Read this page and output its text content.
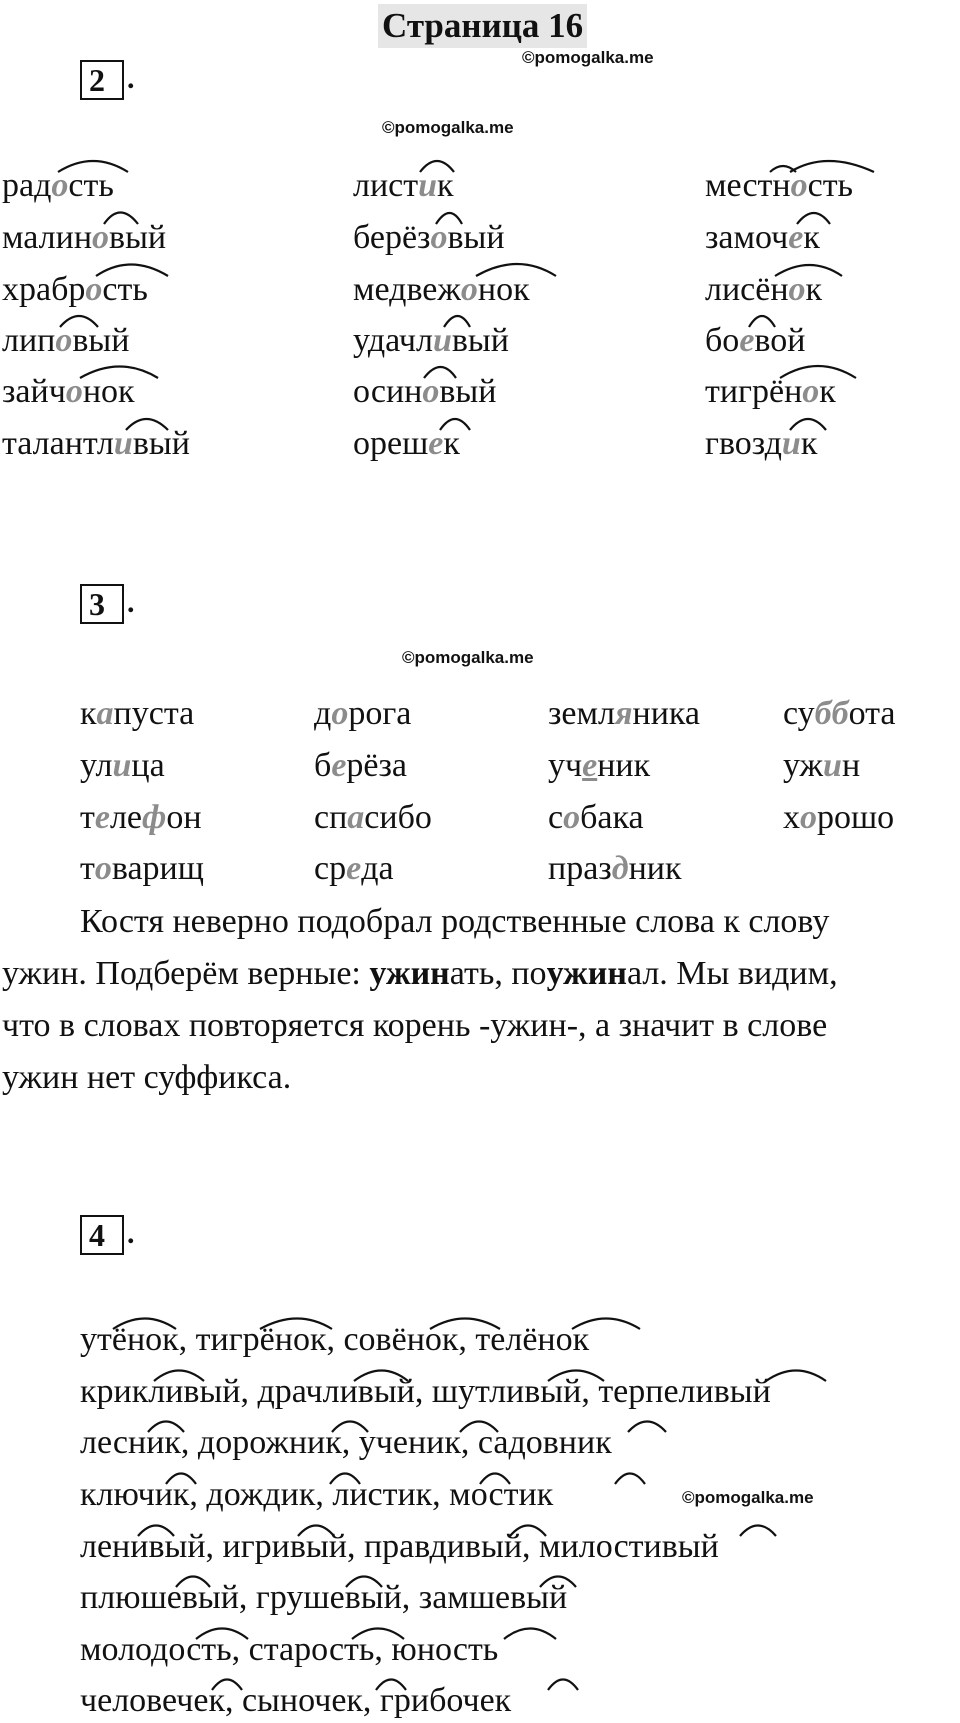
Страница 16
©pomogalka.me
©pomogalka.me
©pomogalka.me
©pomogalka.me
2 .
радость
малиновый
храбрость
липовый
зайчонок
талантливый
листик
берёзовый
медвежонок
удачливый
осиновый
орешек
местность
замочек
лисёнок
боевой
тигрёнок
гвоздик
3 .
капуста
улица
телефон
товарищ
дорога
берёза
спасибо
среда
земляника
ученик
собака
праздник
суббота
ужин
хорошо
Костя неверно подобрал родственные слова к слову
ужин. Подберём верные: ужинать, поужинал. Мы видим,
что в словах повторяется корень -ужин-, а значит в слове
ужин нет суффикса.
4 .
утёнок, тигрёнок, совёнок, телёнок
крикливый, драчливый, шутливый, терпеливый
лесник, дорожник, ученик, садовник
ключик, дождик, листик, мостик
ленивый, игривый, правдивый, милостивый
плюшевый, грушевый, замшевый
молодость, старость, юность
человечек, сыночек, грибочек
